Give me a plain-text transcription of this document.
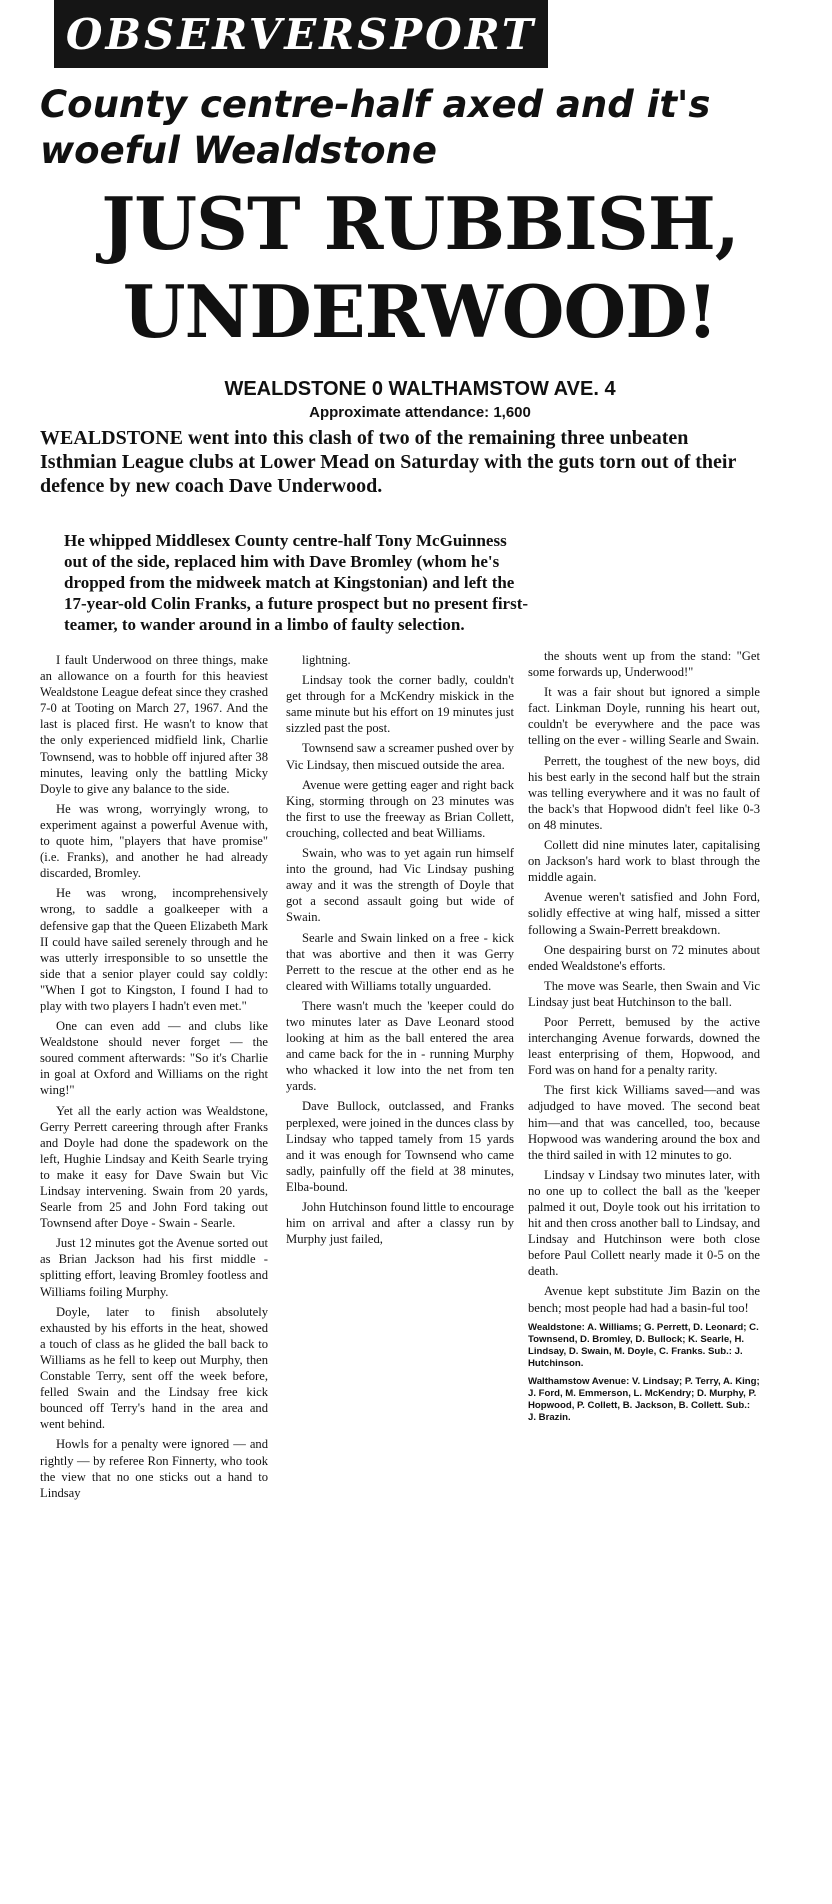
OBSERVERSPORT
County centre-half axed and it's woeful Wealdstone
JUST RUBBISH, UNDERWOOD!
WEALDSTONE 0 WALTHAMSTOW AVE. 4
Approximate attendance: 1,600
WEALDSTONE went into this clash of two of the remaining three unbeaten Isthmian League clubs at Lower Mead on Saturday with the guts torn out of their defence by new coach Dave Underwood.
He whipped Middlesex County centre-half Tony McGuinness out of the side, replaced him with Dave Bromley (whom he's dropped from the midweek match at Kingstonian) and left the 17-year-old Colin Franks, a future prospect but no present first-teamer, to wander around in a limbo of faulty selection.

I fault Underwood on three things, make an allowance on a fourth for this heaviest Wealdstone League defeat since they crashed 7-0 at Tooting on March 27, 1967. And the last is placed first. He wasn't to know that the only experienced midfield link, Charlie Townsend, was to hobble off injured after 38 minutes, leaving only the battling Micky Doyle to give any balance to the side.

He was wrong, worryingly wrong, to experiment against a powerful Avenue with, to quote him, "players that have promise" (i.e. Franks), and another he had already discarded, Bromley.

He was wrong, incomprehensively wrong, to saddle a goalkeeper with a defensive gap that the Queen Elizabeth Mark II could have sailed serenely through and he was utterly irresponsible to so unsettle the side that a senior player could say coldly: "When I got to Kingston, I found I had to play with two players I hadn't even met."

One can even add — and clubs like Wealdstone should never forget — the soured comment afterwards: "So it's Charlie in goal at Oxford and Williams on the right wing!"

Yet all the early action was Wealdstone, Gerry Perrett careering through after Franks and Doyle had done the spadework on the left, Hughie Lindsay and Keith Searle trying to make it easy for Dave Swain but Vic Lindsay intervening. Swain from 20 yards, Searle from 25 and John Ford taking out Townsend after Doye - Swain - Searle.

Just 12 minutes got the Avenue sorted out as Brian Jackson had his first middle - splitting effort, leaving Bromley footless and Williams foiling Murphy.

Doyle, later to finish absolutely exhausted by his efforts in the heat, showed a touch of class as he glided the ball back to Williams as he fell to keep out Murphy, then Constable Terry, sent off the week before, felled Swain and the Lindsay free kick bounced off Terry's hand in the area and went behind.

Howls for a penalty were ignored — and rightly — by referee Ron Finnerty, who took the view that no one sticks out a hand to Lindsay

lightning.

Lindsay took the corner badly, couldn't get through for a McKendry miskick in the same minute but his effort on 19 minutes just sizzled past the post.

Townsend saw a screamer pushed over by Vic Lindsay, then miscued outside the area.

Avenue were getting eager and right back King, storming through on 23 minutes was the first to use the freeway as Brian Collett, crouching, collected and beat Williams.

Swain, who was to yet again run himself into the ground, had Vic Lindsay pushing away and it was the strength of Doyle that got a second assault going but wide of Swain.

Searle and Swain linked on a free - kick that was abortive and then it was Gerry Perrett to the rescue at the other end as he cleared with Williams totally unguarded.

There wasn't much the 'keeper could do two minutes later as Dave Leonard stood looking at him as the ball entered the area and came back for the in - running Murphy who whacked it low into the net from ten yards.

Dave Bullock, outclassed, and Franks perplexed, were joined in the dunces class by Lindsay who tapped tamely from 15 yards and it was enough for Townsend who came sadly, painfully off the field at 38 minutes, Elba-bound.

John Hutchinson found little to encourage him on arrival and after a classy run by Murphy just failed,

the shouts went up from the stand: "Get some forwards up, Underwood!"

It was a fair shout but ignored a simple fact. Linkman Doyle, running his heart out, couldn't be everywhere and the pace was telling on the ever - willing Searle and Swain.

Perrett, the toughest of the new boys, did his best early in the second half but the strain was telling everywhere and it was no fault of the back's that Hopwood didn't feel like 0-3 on 48 minutes.

Collett did nine minutes later, capitalising on Jackson's hard work to blast through the middle again.

Avenue weren't satisfied and John Ford, solidly effective at wing half, missed a sitter following a Swain-Perrett breakdown.

One despairing burst on 72 minutes about ended Wealdstone's efforts.

The move was Searle, then Swain and Vic Lindsay just beat Hutchinson to the ball.

Poor Perrett, bemused by the active interchanging Avenue forwards, downed the least enterprising of them, Hopwood, and Ford was on hand for a penalty rarity.

The first kick Williams saved—and was adjudged to have moved. The second beat him—and that was cancelled, too, because Hopwood was wandering around the box and the third sailed in with 12 minutes to go.

Lindsay v Lindsay two minutes later, with no one up to collect the ball as the 'keeper palmed it out, Doyle took out his irritation to hit and then cross another ball to Lindsay, and Lindsay and Hutchinson were both close before Paul Collett nearly made it 0-5 on the death.

Avenue kept substitute Jim Bazin on the bench; most people had had a basin-ful too!

Wealdstone: A. Williams; G. Perrett, D. Leonard; C. Townsend, D. Bromley, D. Bullock; K. Searle, H. Lindsay, D. Swain, M. Doyle, C. Franks. Sub.: J. Hutchinson.
Walthamstow Avenue: V. Lindsay; P. Terry, A. King; J. Ford, M. Emmerson, L. McKendry; D. Murphy, P. Hopwood, P. Collett, B. Jackson, B. Collett. Sub.: J. Brazin.
